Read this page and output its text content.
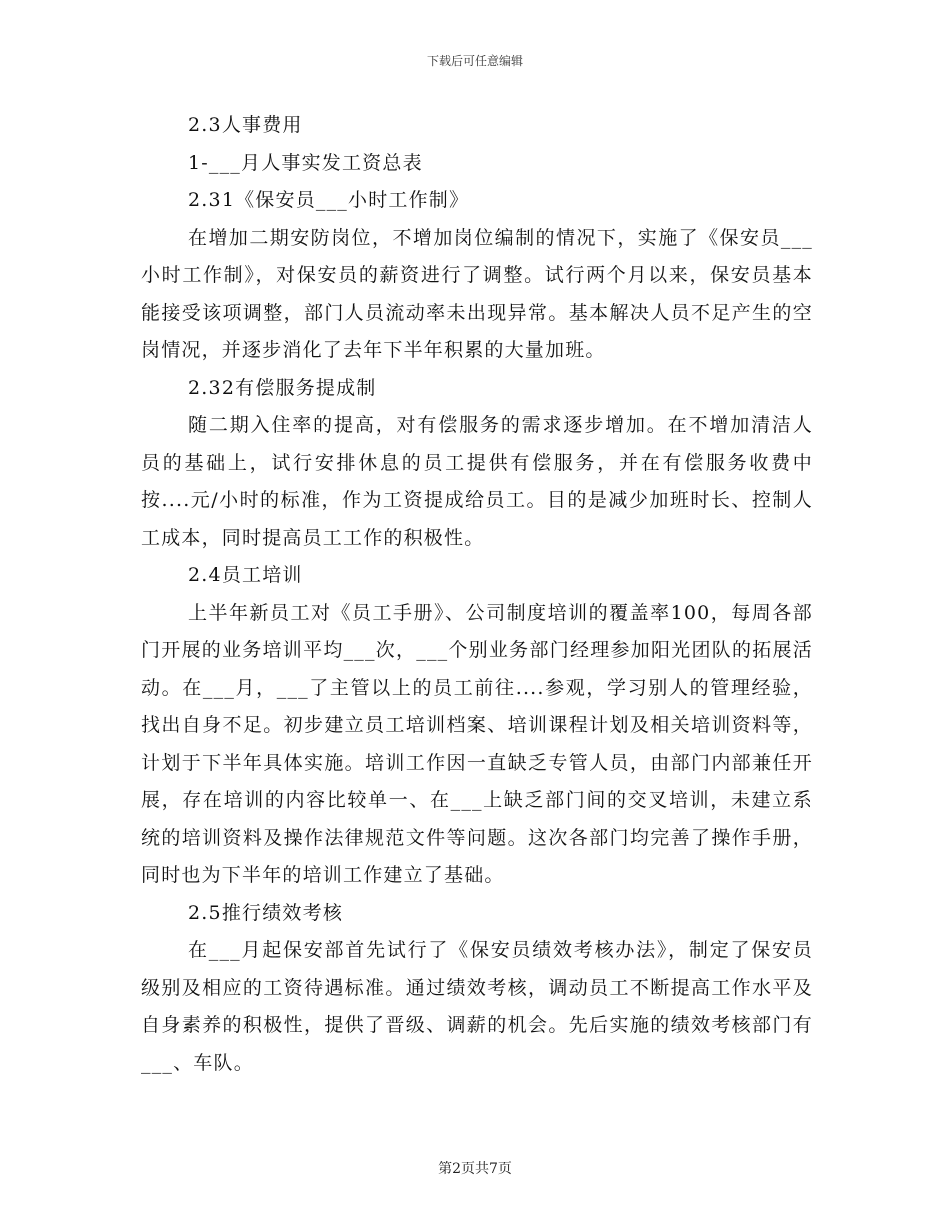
下载后可任意编辑

2.3人事费用

1-___月人事实发工资总表

2.31《保安员___小时工作制》

在增加二期安防岗位，不增加岗位编制的情况下，实施了《保安员___小时工作制》，对保安员的薪资进行了调整。试行两个月以来，保安员基本能接受该项调整，部门人员流动率未出现异常。基本解决人员不足产生的空岗情况，并逐步消化了去年下半年积累的大量加班。

2.32有偿服务提成制

随二期入住率的提高，对有偿服务的需求逐步增加。在不增加清洁人员的基础上，试行安排休息的员工提供有偿服务，并在有偿服务收费中按....元/小时的标准，作为工资提成给员工。目的是减少加班时长、控制人工成本，同时提高员工工作的积极性。

2.4员工培训

上半年新员工对《员工手册》、公司制度培训的覆盖率100，每周各部门开展的业务培训平均___次，___个别业务部门经理参加阳光团队的拓展活动。在___月，___了主管以上的员工前往....参观，学习别人的管理经验，找出自身不足。初步建立员工培训档案、培训课程计划及相关培训资料等，计划于下半年具体实施。培训工作因一直缺乏专管人员，由部门内部兼任开展，存在培训的内容比较单一、在___上缺乏部门间的交叉培训，未建立系统的培训资料及操作法律规范文件等问题。这次各部门均完善了操作手册，同时也为下半年的培训工作建立了基础。

2.5推行绩效考核

在___月起保安部首先试行了《保安员绩效考核办法》，制定了保安员级别及相应的工资待遇标准。通过绩效考核，调动员工不断提高工作水平及自身素养的积极性，提供了晋级、调薪的机会。先后实施的绩效考核部门有___、车队。

第2页共7页
